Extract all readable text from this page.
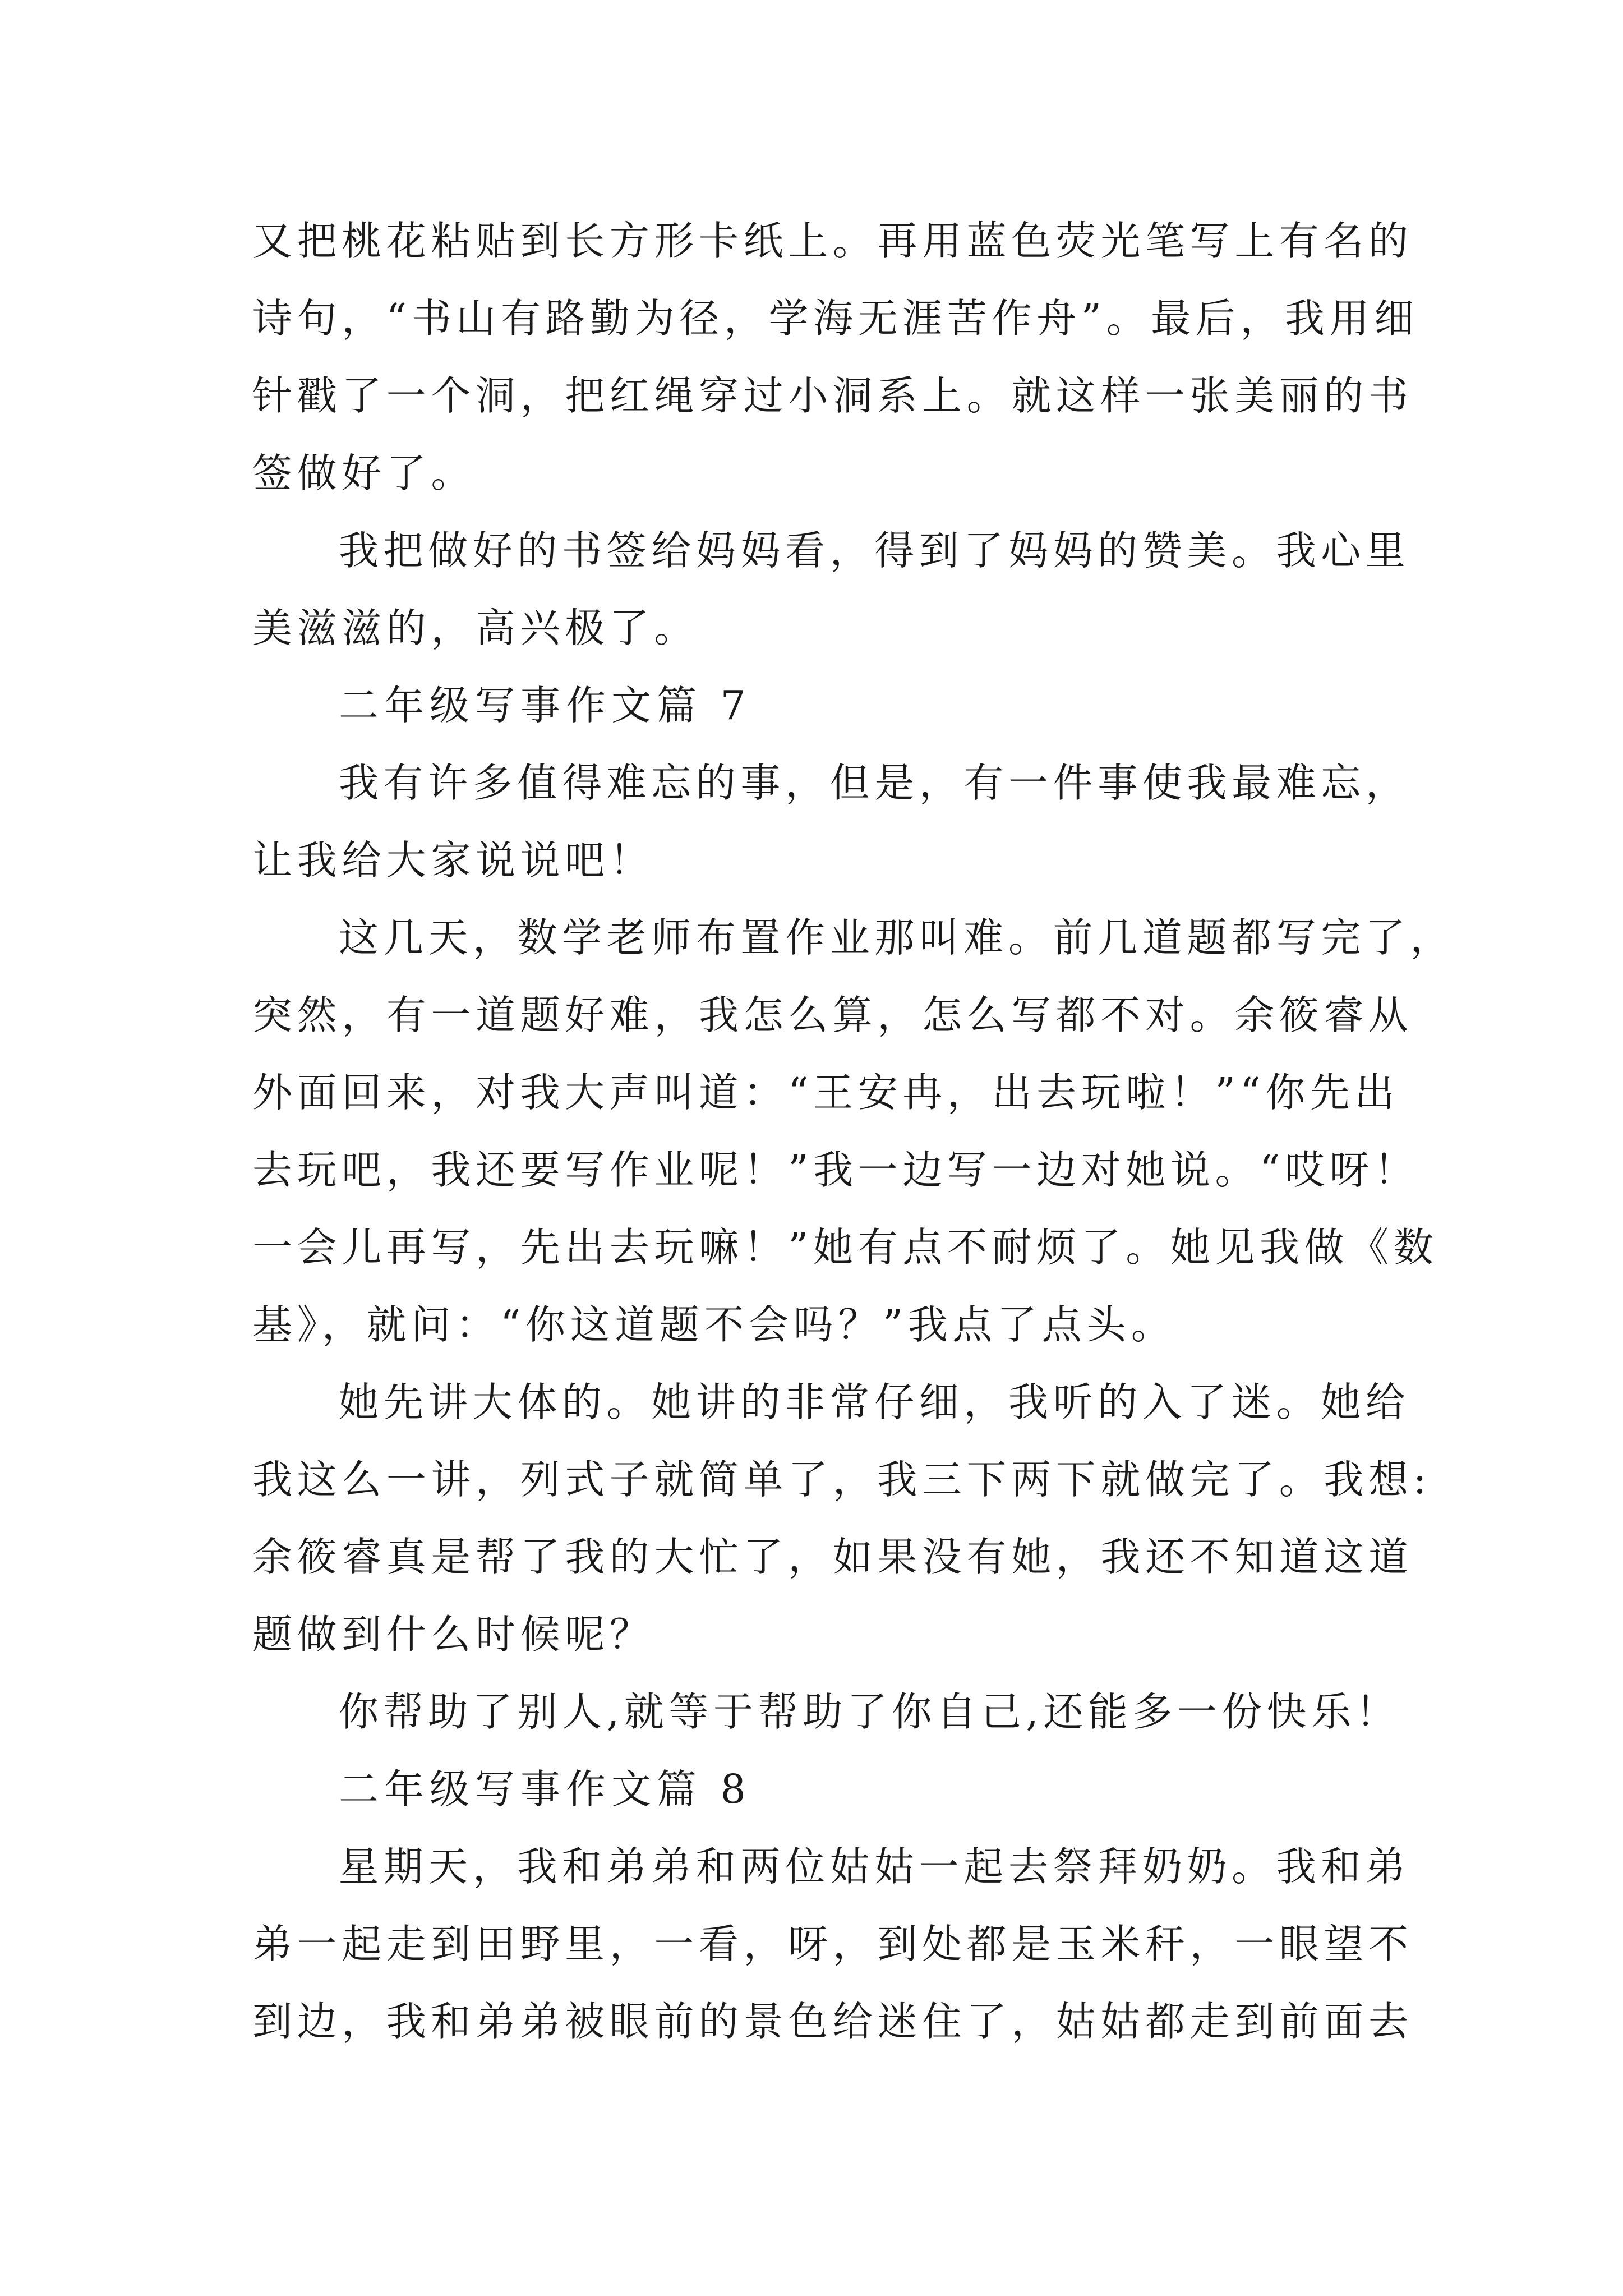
又把桃花粘贴到长方形卡纸上。再用蓝色荧光笔写上有名的
诗句，“书山有路勤为径，学海无涯苦作舟”。最后，我用细
针戳了一个洞，把红绳穿过小洞系上。就这样一张美丽的书
签做好了。
我把做好的书签给妈妈看，得到了妈妈的赞美。我心里
美滋滋的，高兴极了。
二年级写事作文篇 7
我有许多值得难忘的事，但是，有一件事使我最难忘，
让我给大家说说吧！
这几天，数学老师布置作业那叫难。前几道题都写完了，
突然，有一道题好难，我怎么算，怎么写都不对。余筱睿从
外面回来，对我大声叫道：“王安冉，出去玩啦！”“你先出
去玩吧，我还要写作业呢！”我一边写一边对她说。“哎呀！
一会儿再写，先出去玩嘛！”她有点不耐烦了。她见我做《数
基》，就问：“你这道题不会吗？”我点了点头。
她先讲大体的。她讲的非常仔细，我听的入了迷。她给
我这么一讲，列式子就简单了，我三下两下就做完了。我想:
余筱睿真是帮了我的大忙了，如果没有她，我还不知道这道
题做到什么时候呢？
你帮助了别人,就等于帮助了你自己,还能多一份快乐！
二年级写事作文篇 8
星期天，我和弟弟和两位姑姑一起去祭拜奶奶。我和弟
弟一起走到田野里，一看，呀，到处都是玉米秆，一眼望不
到边，我和弟弟被眼前的景色给迷住了，姑姑都走到前面去
